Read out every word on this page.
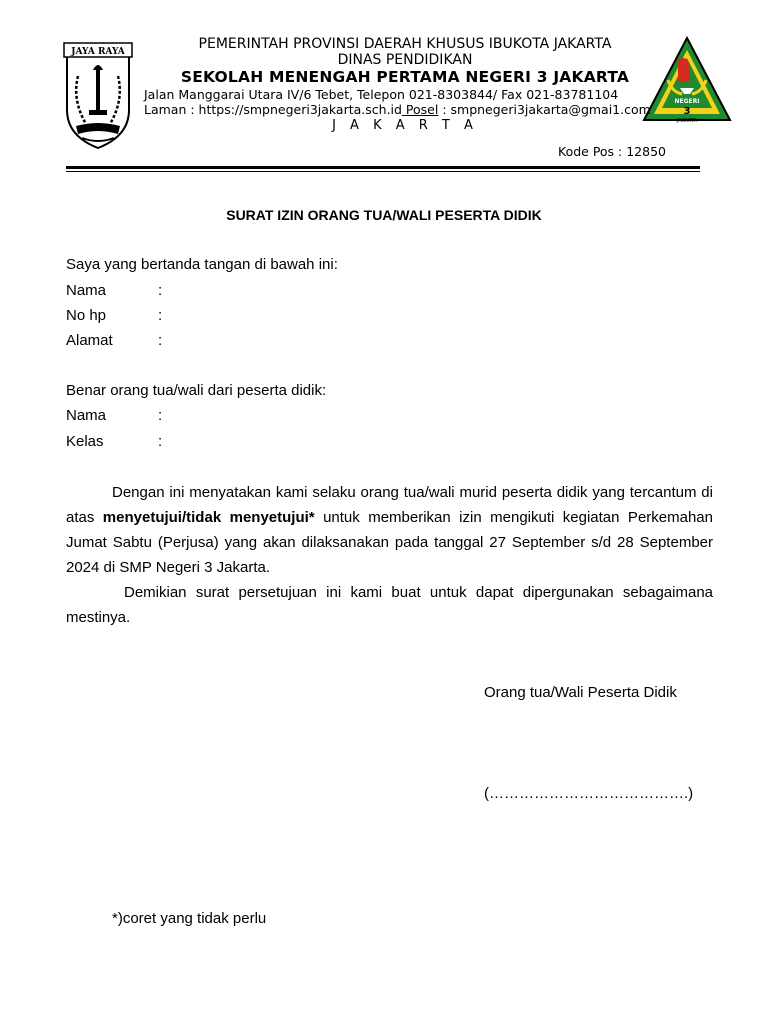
JAYA RAYA
NEGERI
3
JAKARTA
PEMERINTAH PROVINSI DAERAH KHUSUS IBUKOTA JAKARTA
DINAS PENDIDIKAN
SEKOLAH MENENGAH PERTAMA NEGERI 3 JAKARTA
Jalan Manggarai Utara IV/6 Tebet, Telepon 021-8303844/ Fax 021-83781104
Laman : https://smpnegeri3jakarta.sch.id Posel : smpnegeri3jakarta@gmai1.com
J A K A R T A
Kode Pos : 12850
SURAT IZIN ORANG TUA/WALI PESERTA DIDIK
Saya yang bertanda tangan di bawah ini:
Nama	:
No hp	:
Alamat	:
Benar orang tua/wali dari peserta didik:
Nama	:
Kelas	:
Dengan ini menyatakan kami selaku orang tua/wali murid peserta didik yang tercantum di atas menyetujui/tidak menyetujui* untuk memberikan izin mengikuti kegiatan Perkemahan Jumat Sabtu (Perjusa) yang akan dilaksanakan pada tanggal 27 September s/d 28 September 2024 di SMP Negeri 3 Jakarta.
Demikian surat persetujuan ini kami buat untuk dapat dipergunakan sebagaimana mestinya.
Orang tua/Wali Peserta Didik
(………………………………….)
*)coret yang tidak perlu
